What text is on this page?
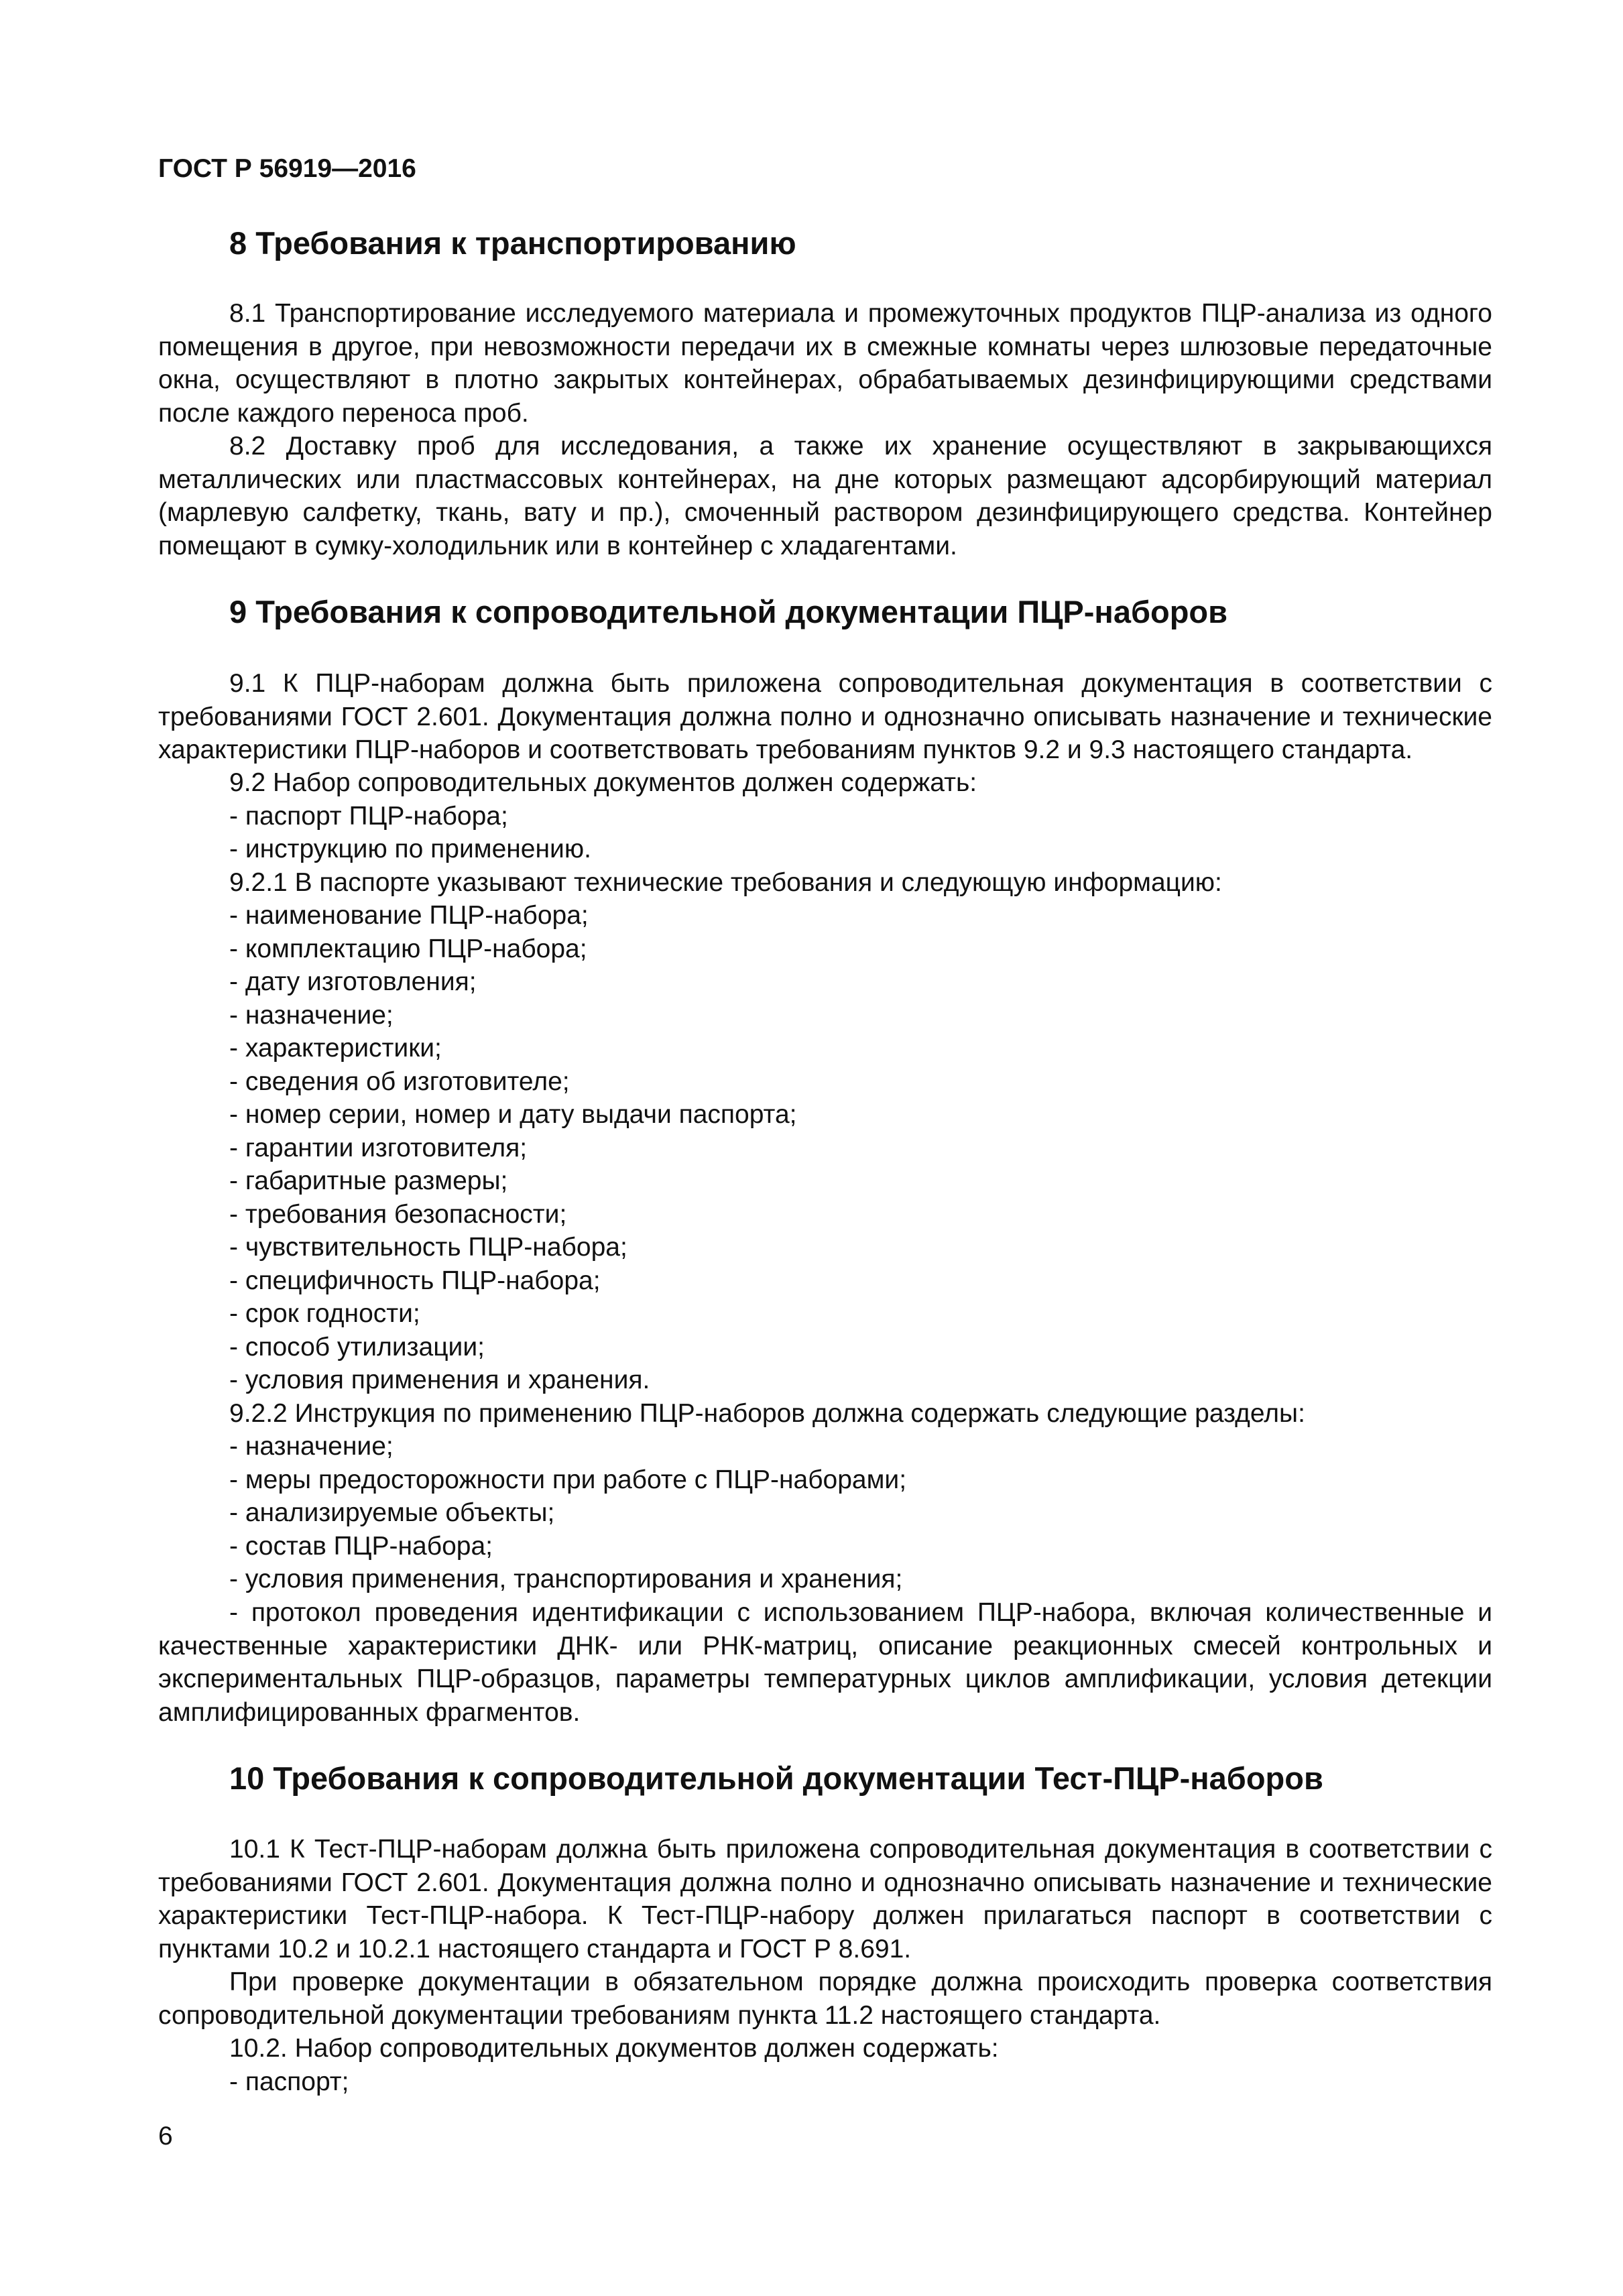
ГОСТ Р 56919—2016
8 Требования к транспортированию

8.1 Транспортирование исследуемого материала и промежуточных продуктов ПЦР-анализа из одного помещения в другое, при невозможности передачи их в смежные комнаты через шлюзовые передаточные окна, осуществляют в плотно закрытых контейнерах, обрабатываемых дезинфицирующими средствами после каждого переноса проб.

8.2 Доставку проб для исследования, а также их хранение осуществляют в закрывающихся металлических или пластмассовых контейнерах, на дне которых размещают адсорбирующий материал (марлевую салфетку, ткань, вату и пр.), смоченный раствором дезинфицирующего средства. Контейнер помещают в сумку-холодильник или в контейнер с хладагентами.

9 Требования к сопроводительной документации ПЦР-наборов

9.1 К ПЦР-наборам должна быть приложена сопроводительная документация в соответствии с требованиями ГОСТ 2.601. Документация должна полно и однозначно описывать назначение и технические характеристики ПЦР-наборов и соответствовать требованиям пунктов 9.2 и 9.3 настоящего стандарта.

9.2 Набор сопроводительных документов должен содержать:
- паспорт ПЦР-набора;
- инструкцию по применению.
9.2.1 В паспорте указывают технические требования и следующую информацию:
- наименование ПЦР-набора;
- комплектацию ПЦР-набора;
- дату изготовления;
- назначение;
- характеристики;
- сведения об изготовителе;
- номер серии, номер и дату выдачи паспорта;
- гарантии изготовителя;
- габаритные размеры;
- требования безопасности;
- чувствительность ПЦР-набора;
- специфичность ПЦР-набора;
- срок годности;
- способ утилизации;
- условия применения и хранения.
9.2.2 Инструкция по применению ПЦР-наборов должна содержать следующие разделы:
- назначение;
- меры предосторожности при работе с ПЦР-наборами;
- анализируемые объекты;
- состав ПЦР-набора;
- условия применения, транспортирования и хранения;

- протокол проведения идентификации с использованием ПЦР-набора, включая количественные и качественные характеристики ДНК- или РНК-матриц, описание реакционных смесей контрольных и экспериментальных ПЦР-образцов, параметры температурных циклов амплификации, условия детекции амплифицированных фрагментов.

10 Требования к сопроводительной документации Тест-ПЦР-наборов

10.1 К Тест-ПЦР-наборам должна быть приложена сопроводительная документация в соответствии с требованиями ГОСТ 2.601. Документация должна полно и однозначно описывать назначение и технические характеристики Тест-ПЦР-набора. К Тест-ПЦР-набору должен прилагаться паспорт в соответствии с пунктами 10.2 и 10.2.1 настоящего стандарта и ГОСТ Р 8.691.

При проверке документации в обязательном порядке должна происходить проверка соответствия сопроводительной документации требованиям пункта 11.2 настоящего стандарта.

10.2. Набор сопроводительных документов должен содержать:
- паспорт;
6
